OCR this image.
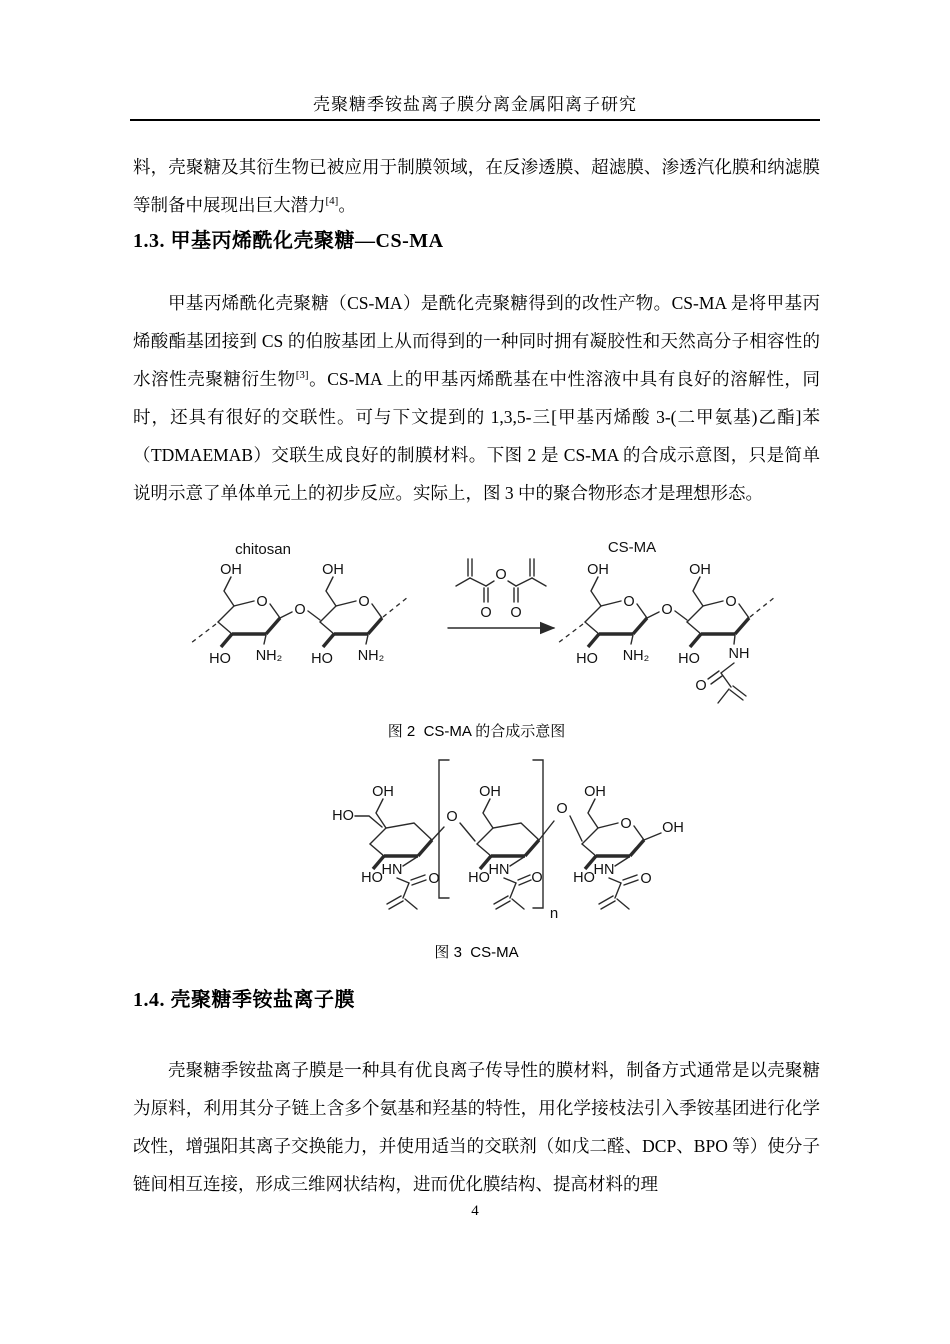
壳聚糖季铵盐离子膜分离金属阳离子研究

料，壳聚糖及其衍生物已被应用于制膜领域，在反渗透膜、超滤膜、渗透汽化膜和纳滤膜等制备中展现出巨大潜力[4]。

1.3. 甲基丙烯酰化壳聚糖—CS-MA

甲基丙烯酰化壳聚糖（CS-MA）是酰化壳聚糖得到的改性产物。CS-MA 是将甲基丙烯酸酯基团接到 CS 的伯胺基团上从而得到的一种同时拥有凝胶性和天然高分子相容性的水溶性壳聚糖衍生物[3]。CS-MA 上的甲基丙烯酰基在中性溶液中具有良好的溶解性，同时，还具有很好的交联性。可与下文提到的 1,3,5-三[甲基丙烯酸 3-(二甲氨基)乙酯]苯（TDMAEMAB）交联生成良好的制膜材料。下图 2 是 CS-MA 的合成示意图，只是简单说明示意了单体单元上的初步反应。实际上，图 3 中的聚合物形态才是理想形态。

chitosan	CS-MA
O	O
O
OH	OH
HO	HO
NH₂	NH₂
O
O O
O	O
O
OH	OH
HO	HO
NH₂	NH
O
图 2  CS-MA 的合成示意图
n
HO
OH
HO
HN
O
O
OH
HO
HN O
O
O
OH
HO
HN
OH
O
图 3  CS-MA
1.4. 壳聚糖季铵盐离子膜

壳聚糖季铵盐离子膜是一种具有优良离子传导性的膜材料，制备方式通常是以壳聚糖为原料，利用其分子链上含多个氨基和羟基的特性，用化学接枝法引入季铵基团进行化学改性，增强阳其离子交换能力，并使用适当的交联剂（如戊二醛、DCP、BPO 等）使分子链间相互连接，形成三维网状结构，进而优化膜结构、提高材料的理

4
